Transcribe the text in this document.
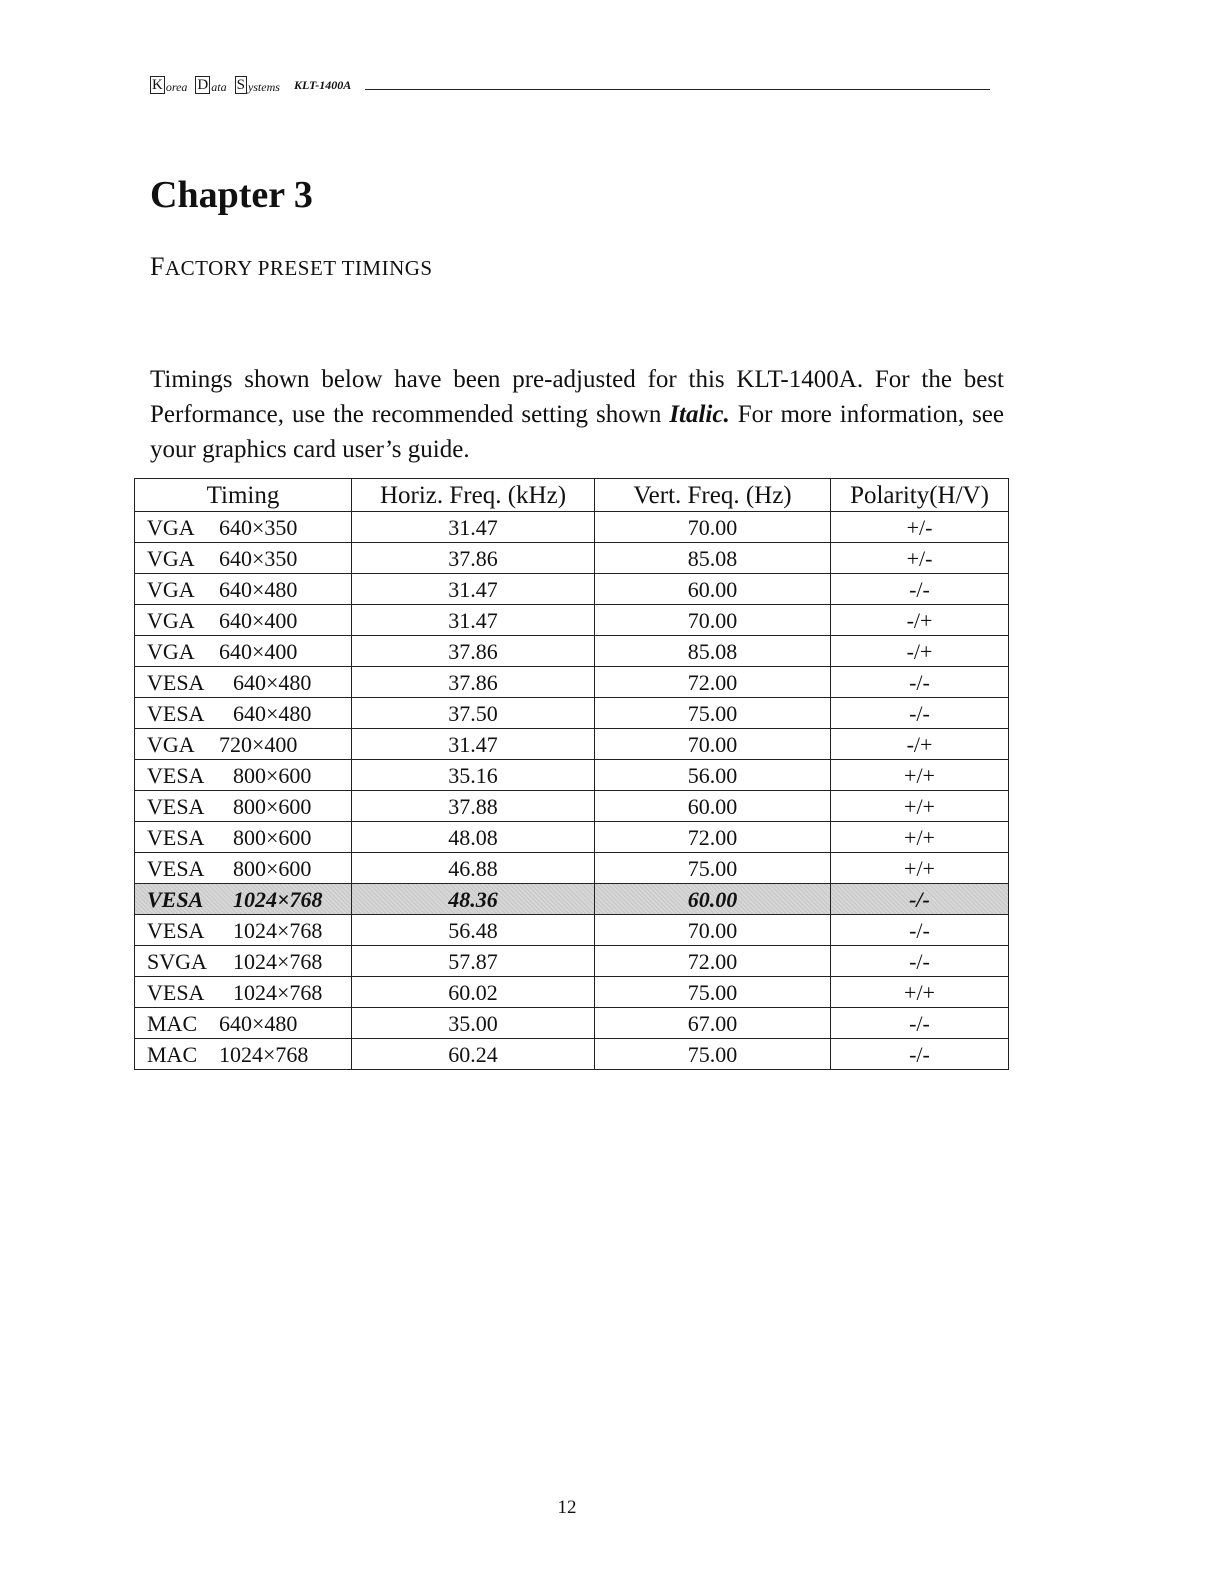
K orea D ata S ystems KLT-1400A
Chapter 3
FACTORY PRESET TIMINGS

Timings shown below have been pre-adjusted for this KLT-1400A. For the best Performance, use the recommended setting shown Italic. For more information, see your graphics card user’s guide.

Timing	Horiz. Freq. (kHz)	Vert. Freq. (Hz)	Polarity(H/V)
VGA 640×350	31.47	70.00	+/-
VGA 640×350	37.86	85.08	+/-
VGA 640×480	31.47	60.00	-/-
VGA 640×400	31.47	70.00	-/+
VGA 640×400	37.86	85.08	-/+
VESA 640×480	37.86	72.00	-/-
VESA 640×480	37.50	75.00	-/-
VGA 720×400	31.47	70.00	-/+
VESA 800×600	35.16	56.00	+/+
VESA 800×600	37.88	60.00	+/+
VESA 800×600	48.08	72.00	+/+
VESA 800×600	46.88	75.00	+/+
VESA 1024×768	48.36	60.00	-/-
VESA 1024×768	56.48	70.00	-/-
SVGA 1024×768	57.87	72.00	-/-
VESA 1024×768	60.02	75.00	+/+
MAC 640×480	35.00	67.00	-/-
MAC 1024×768	60.24	75.00	-/-
12
